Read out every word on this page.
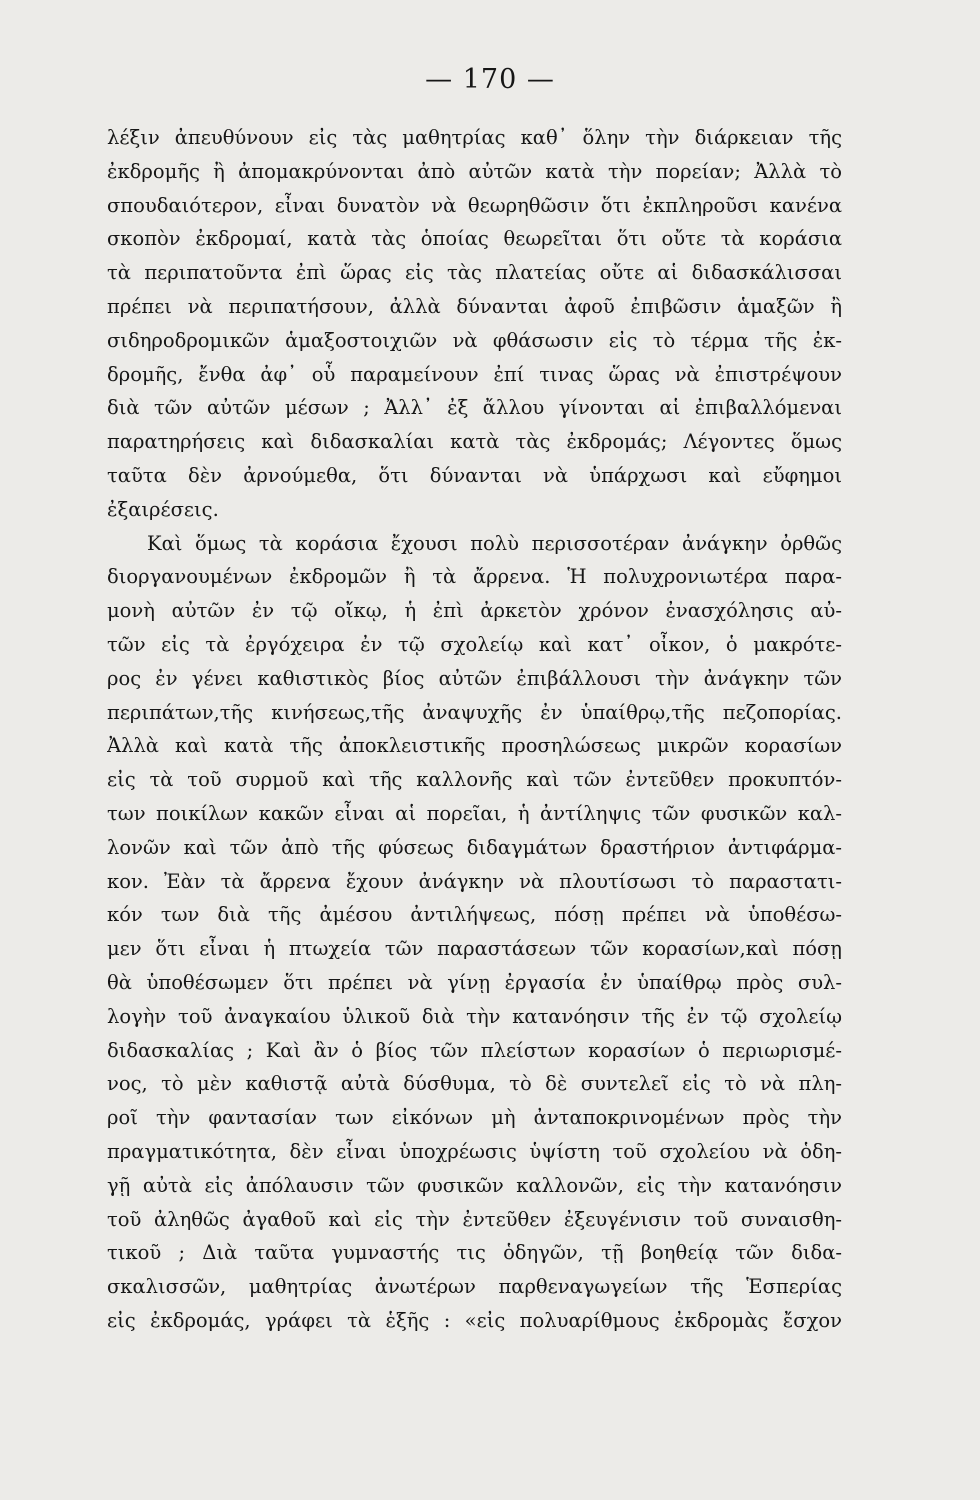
— 170 —
λέξιν ἀπευθύνουν εἰς τὰς μαθητρίας καθ᾽ ὅλην τὴν διάρκειαν τῆς
ἐκδρομῆς ἢ ἀπομακρύνονται ἀπὸ αὐτῶν κατὰ τὴν πορείαν; Ἀλλὰ τὸ
σπουδαιότερον, εἶναι δυνατὸν νὰ θεωρηθῶσιν ὅτι ἐκπληροῦσι κανένα
σκοπὸν ἐκδρομαί, κατὰ τὰς ὁποίας θεωρεῖται ὅτι οὔτε τὰ κοράσια
τὰ περιπατοῦντα ἐπὶ ὥρας εἰς τὰς πλατείας οὔτε αἱ διδασκάλισσαι
πρέπει νὰ περιπατήσουν, ἀλλὰ δύνανται ἀφοῦ ἐπιβῶσιν ἁμαξῶν ἢ
σιδηροδρομικῶν ἁμαξοστοιχιῶν νὰ φθάσωσιν εἰς τὸ τέρμα τῆς ἐκ-
δρομῆς, ἔνθα ἀφ᾽ οὗ παραμείνουν ἐπί τινας ὥρας νὰ ἐπιστρέψουν
διὰ τῶν αὐτῶν μέσων ; Ἀλλ᾽ ἐξ ἄλλου γίνονται αἱ ἐπιβαλλόμεναι
παρατηρήσεις καὶ διδασκαλίαι κατὰ τὰς ἐκδρομάς; Λέγοντες ὅμως
ταῦτα δὲν ἀρνούμεθα, ὅτι δύνανται νὰ ὑπάρχωσι καὶ εὔφημοι
ἐξαιρέσεις.
Καὶ ὅμως τὰ κοράσια ἔχουσι πολὺ περισσοτέραν ἀνάγκην ὀρθῶς
διοργανουμένων ἐκδρομῶν ἢ τὰ ἄρρενα. Ἡ πολυχρονιωτέρα παρα-
μονὴ αὐτῶν ἐν τῷ οἴκῳ, ἡ ἐπὶ ἀρκετὸν χρόνον ἐνασχόλησις αὐ-
τῶν εἰς τὰ ἐργόχειρα ἐν τῷ σχολείῳ καὶ κατ᾽ οἶκον, ὁ μακρότε-
ρος ἐν γένει καθιστικὸς βίος αὐτῶν ἐπιβάλλουσι τὴν ἀνάγκην τῶν
περιπάτων,τῆς κινήσεως,τῆς ἀναψυχῆς ἐν ὑπαίθρῳ,τῆς πεζοπορίας.
Ἀλλὰ καὶ κατὰ τῆς ἀποκλειστικῆς προσηλώσεως μικρῶν κορασίων
εἰς τὰ τοῦ συρμοῦ καὶ τῆς καλλονῆς καὶ τῶν ἐντεῦθεν προκυπτόν-
των ποικίλων κακῶν εἶναι αἱ πορεῖαι, ἡ ἀντίληψις τῶν φυσικῶν καλ-
λονῶν καὶ τῶν ἀπὸ τῆς φύσεως διδαγμάτων δραστήριον ἀντιφάρμα-
κον. Ἐὰν τὰ ἄρρενα ἔχουν ἀνάγκην νὰ πλουτίσωσι τὸ παραστατι-
κόν των διὰ τῆς ἀμέσου ἀντιλήψεως, πόσῃ πρέπει νὰ ὑποθέσω-
μεν ὅτι εἶναι ἡ πτωχεία τῶν παραστάσεων τῶν κορασίων,καὶ πόσῃ
θὰ ὑποθέσωμεν ὅτι πρέπει νὰ γίνῃ ἐργασία ἐν ὑπαίθρῳ πρὸς συλ-
λογὴν τοῦ ἀναγκαίου ὑλικοῦ διὰ τὴν κατανόησιν τῆς ἐν τῷ σχολείῳ
διδασκαλίας ; Καὶ ἂν ὁ βίος τῶν πλείστων κορασίων ὁ περιωρισμέ-
νος, τὸ μὲν καθιστᾷ αὐτὰ δύσθυμα, τὸ δὲ συντελεῖ εἰς τὸ νὰ πλη-
ροῖ τὴν φαντασίαν των εἰκόνων μὴ ἀνταποκρινομένων πρὸς τὴν
πραγματικότητα, δὲν εἶναι ὑποχρέωσις ὑψίστη τοῦ σχολείου νὰ ὁδη-
γῇ αὐτὰ εἰς ἀπόλαυσιν τῶν φυσικῶν καλλονῶν, εἰς τὴν κατανόησιν
τοῦ ἀληθῶς ἀγαθοῦ καὶ εἰς τὴν ἐντεῦθεν ἐξευγένισιν τοῦ συναισθη-
τικοῦ ; Διὰ ταῦτα γυμναστής τις ὁδηγῶν, τῇ βοηθείᾳ τῶν διδα-
σκαλισσῶν, μαθητρίας ἀνωτέρων παρθεναγωγείων τῆς Ἑσπερίας
εἰς ἐκδρομάς, γράφει τὰ ἑξῆς : «εἰς πολυαρίθμους ἐκδρομὰς ἔσχον
